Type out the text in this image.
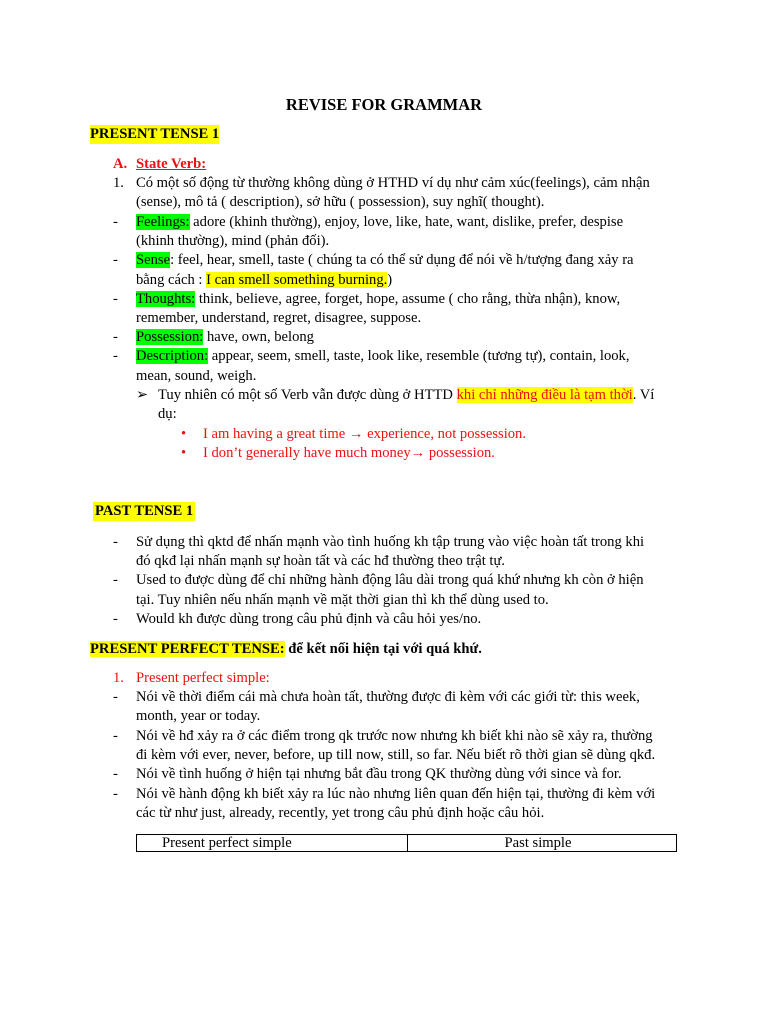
REVISE FOR GRAMMAR
PRESENT TENSE 1
A. State Verb:
1. Có một số động từ thường không dùng ở HTHD ví dụ như cảm xúc(feelings), cảm nhận
(sense), mô tả ( description), sở hữu ( possession), suy nghĩ( thought).
- Feelings: adore (khinh thường), enjoy, love, like, hate, want, dislike, prefer, despise
(khinh thường), mind (phản đối).
- Sense: feel, hear, smell, taste ( chúng ta có thể sử dụng để nói về h/tượng đang xảy ra
bằng cách : I can smell something burning.)
- Thoughts: think, believe, agree, forget, hope, assume ( cho rằng, thừa nhận), know,
remember, understand, regret, disagree, suppose.
- Possession: have, own, belong
- Description: appear, seem, smell, taste, look like, resemble (tương tự), contain, look,
mean, sound, weigh.
➢ Tuy nhiên có một số Verb vẫn được dùng ở HTTD khi chỉ những điều là tạm thời. Ví
dụ:
• I am having a great time → experience, not possession.
• I don’t generally have much money→ possession.
PAST TENSE 1
- Sử dụng thì qktd để nhấn mạnh vào tình huống kh tập trung vào việc hoàn tất trong khi
đó qkđ lại nhấn mạnh sự hoàn tất và các hđ thường theo trật tự.
- Used to được dùng để chỉ những hành động lâu dài trong quá khứ nhưng kh còn ở hiện
tại. Tuy nhiên nếu nhấn mạnh về mặt thời gian thì kh thể dùng used to.
- Would kh được dùng trong câu phủ định và câu hỏi yes/no.
PRESENT PERFECT TENSE: để kết nối hiện tại với quá khứ.
1. Present perfect simple:
- Nói về thời điểm cái mà chưa hoàn tất, thường được đi kèm với các giới từ: this week,
month, year or today.
- Nói về hđ xảy ra ở các điểm trong qk trước now nhưng kh biết khi nào sẽ xảy ra, thường
đi kèm với ever, never, before, up till now, still, so far. Nếu biết rõ thời gian sẽ dùng qkđ.
- Nói về tình huống ở hiện tại nhưng bắt đầu trong QK thường dùng với since và for.
- Nói về hành động kh biết xảy ra lúc nào nhưng liên quan đến hiện tại, thường đi kèm với
các từ như just, already, recently, yet trong câu phủ định hoặc câu hỏi.
Present perfect simple	Past simple
